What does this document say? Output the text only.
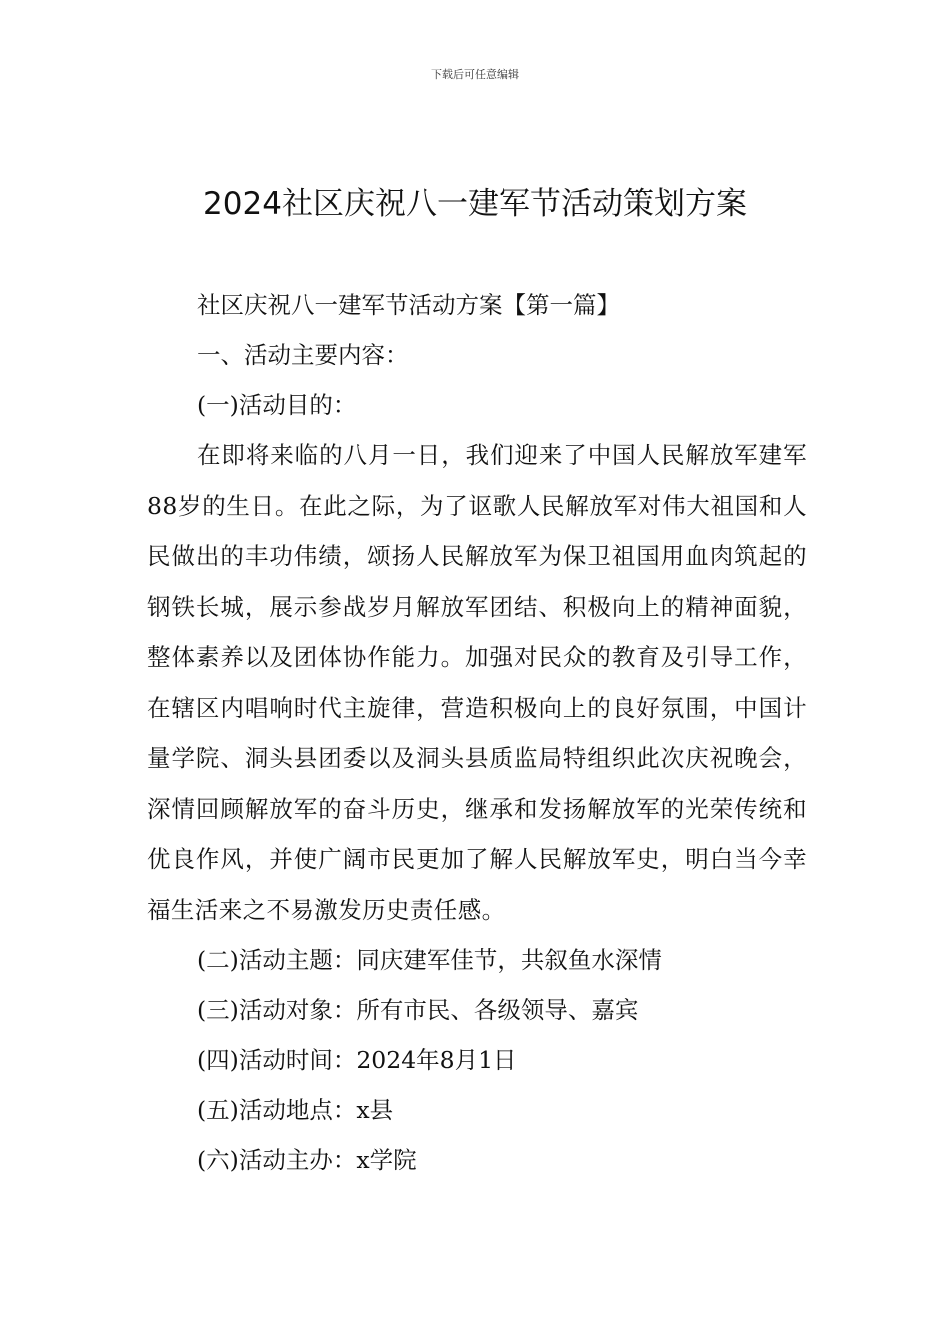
下载后可任意编辑
2024社区庆祝八一建军节活动策划方案
社区庆祝八一建军节活动方案【第一篇】
一、活动主要内容：
(一)活动目的：

在即将来临的八月一日，我们迎来了中国人民解放军建军88岁的生日。在此之际，为了讴歌人民解放军对伟大祖国和人民做出的丰功伟绩，颂扬人民解放军为保卫祖国用血肉筑起的钢铁长城，展示参战岁月解放军团结、积极向上的精神面貌，整体素养以及团体协作能力。加强对民众的教育及引导工作，在辖区内唱响时代主旋律，营造积极向上的良好氛围，中国计量学院、洞头县团委以及洞头县质监局特组织此次庆祝晚会，深情回顾解放军的奋斗历史，继承和发扬解放军的光荣传统和优良作风，并使广阔市民更加了解人民解放军史，明白当今幸福生活来之不易激发历史责任感。

(二)活动主题：同庆建军佳节，共叙鱼水深情
(三)活动对象：所有市民、各级领导、嘉宾
(四)活动时间：2024年8月1日
(五)活动地点：x县
(六)活动主办：x学院
